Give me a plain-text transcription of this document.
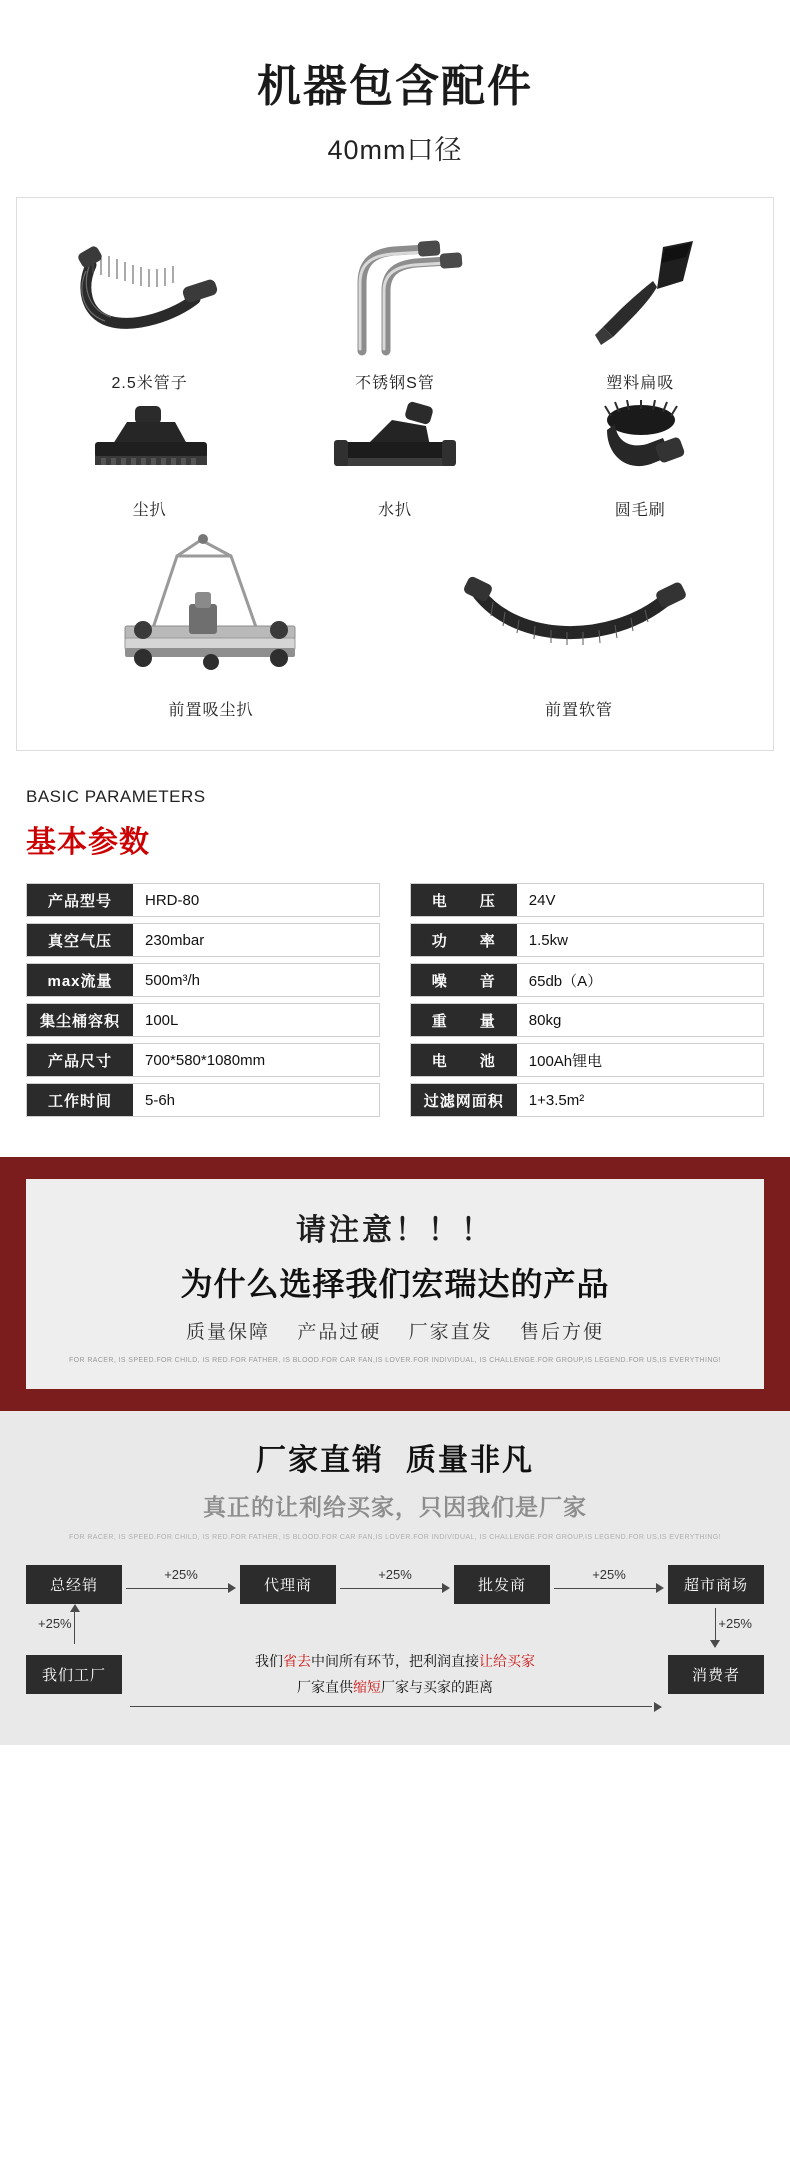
机器包含配件
40mm口径
2.5米管子	不锈钢S管	塑料扁吸
尘扒	水扒	圆毛刷
前置吸尘扒	前置软管
BASIC PARAMETERS
基本参数
产品型号	HRD-80		电　　压	24V

真空气压	230mbar		功　　率	1.5kw

max流量	500m³/h		噪　　音	65db（A）

集尘桶容积	100L		重　　量	80kg

产品尺寸	700*580*1080mm		电　　池	100Ah锂电

工作时间	5-6h		过滤网面积	1+3.5m²
请注意！！！
为什么选择我们宏瑞达的产品
质量保障 产品过硬 厂家直发 售后方便
FOR RACER, IS SPEED.FOR CHILD, IS RED.FOR FATHER, IS BLOOD.FOR CAR FAN,IS LOVER.FOR INDIVIDUAL, IS CHALLENGE.FOR GROUP,IS LEGEND.FOR US,IS EVERYTHING!
厂家直销 质量非凡
真正的让利给买家，只因我们是厂家
FOR RACER, IS SPEED.FOR CHILD, IS RED.FOR FATHER, IS BLOOD.FOR CAR FAN,IS LOVER.FOR INDIVIDUAL, IS CHALLENGE.FOR GROUP,IS LEGEND.FOR US,IS EVERYTHING!
总经销
+25%
代理商
+25%
批发商
+25%
超市商场
+25%	+25%
我们工厂
我们省去中间所有环节，把利润直接让给买家
厂家直供缩短厂家与买家的距离
消费者
